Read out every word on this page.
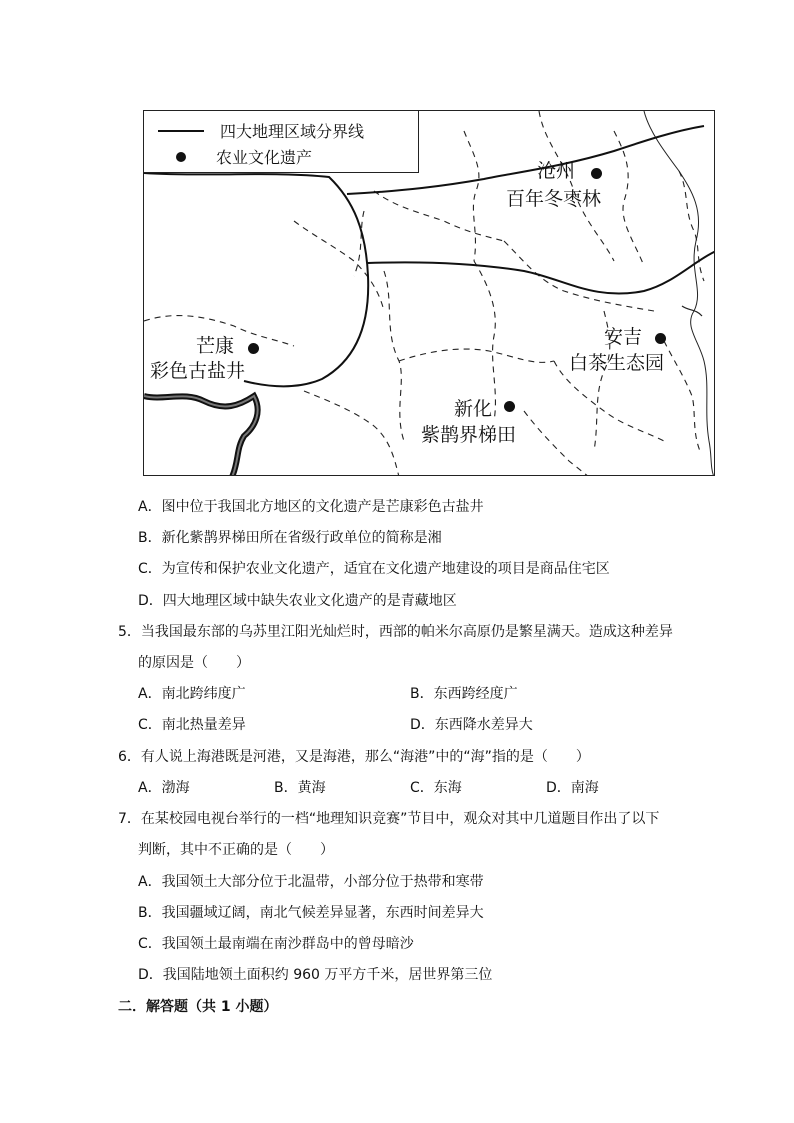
四大地理区域分界线
农业文化遗产
沧州
百年冬枣林
芒康
彩色古盐井
安吉
白茶生态园
新化
紫鹊界梯田
A．图中位于我国北方地区的文化遗产是芒康彩色古盐井
B．新化紫鹊界梯田所在省级行政单位的简称是湘
C．为宣传和保护农业文化遗产，适宜在文化遗产地建设的项目是商品住宅区
D．四大地理区域中缺失农业文化遗产的是青藏地区
5．当我国最东部的乌苏里江阳光灿烂时，西部的帕米尔高原仍是繁星满天。造成这种差异
的原因是（　　）
A．南北跨纬度广	B．东西跨经度广
C．南北热量差异	D．东西降水差异大
6．有人说上海港既是河港，又是海港，那么“海港”中的“海”指的是（　　）
A．渤海	B．黄海	C．东海	D．南海
7．在某校园电视台举行的一档“地理知识竞赛”节目中，观众对其中几道题目作出了以下
判断，其中不正确的是（　　）
A．我国领土大部分位于北温带，小部分位于热带和寒带
B．我国疆域辽阔，南北气候差异显著，东西时间差异大
C．我国领土最南端在南沙群岛中的曾母暗沙
D．我国陆地领土面积约 960 万平方千米，居世界第三位
二．解答题（共 1 小题）
